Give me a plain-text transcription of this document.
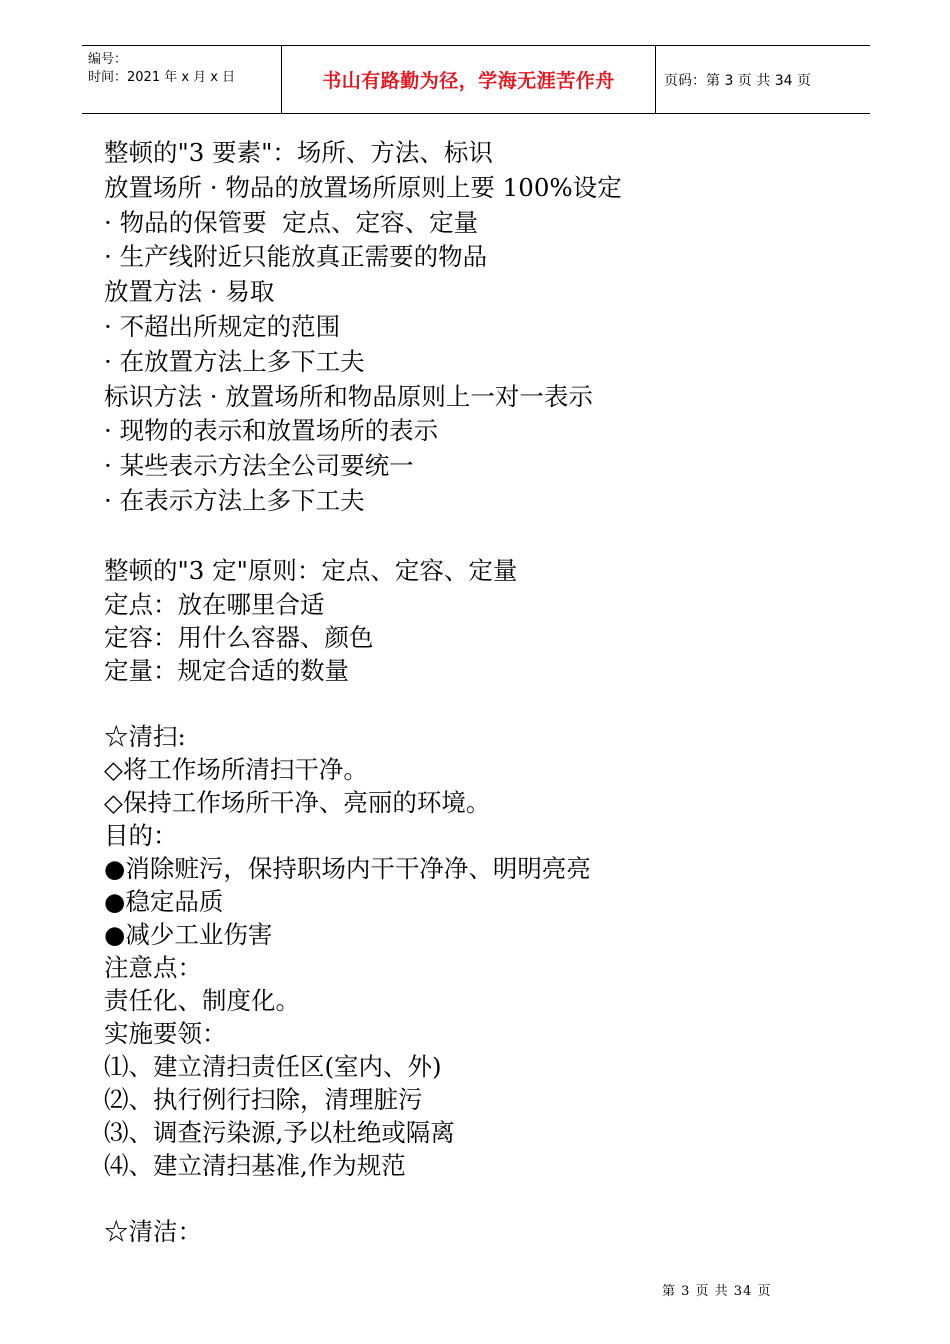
编号：
时间：2021 年 x 月 x 日	书山有路勤为径，学海无涯苦作舟	页码：第 3 页 共 34 页
整顿的"3 要素"：场所、方法、标识
放置场所 · 物品的放置场所原则上要 100%设定
· 物品的保管要  定点、定容、定量
· 生产线附近只能放真正需要的物品
放置方法 · 易取
· 不超出所规定的范围
· 在放置方法上多下工夫
标识方法 · 放置场所和物品原则上一对一表示
· 现物的表示和放置场所的表示
· 某些表示方法全公司要统一
· 在表示方法上多下工夫
整顿的"3 定"原则：定点、定容、定量
定点：放在哪里合适
定容：用什么容器、颜色
定量：规定合适的数量
☆清扫:
◇将工作场所清扫干净。
◇保持工作场所干净、亮丽的环境。
目的：
●消除赃污，保持职场内干干净净、明明亮亮
●稳定品质
●减少工业伤害
注意点：
责任化、制度化。
实施要领：
⑴、建立清扫责任区(室内、外)
⑵、执行例行扫除，清理脏污
⑶、调查污染源,予以杜绝或隔离
⑷、建立清扫基准,作为规范
☆清洁：
第 3 页 共 34 页
